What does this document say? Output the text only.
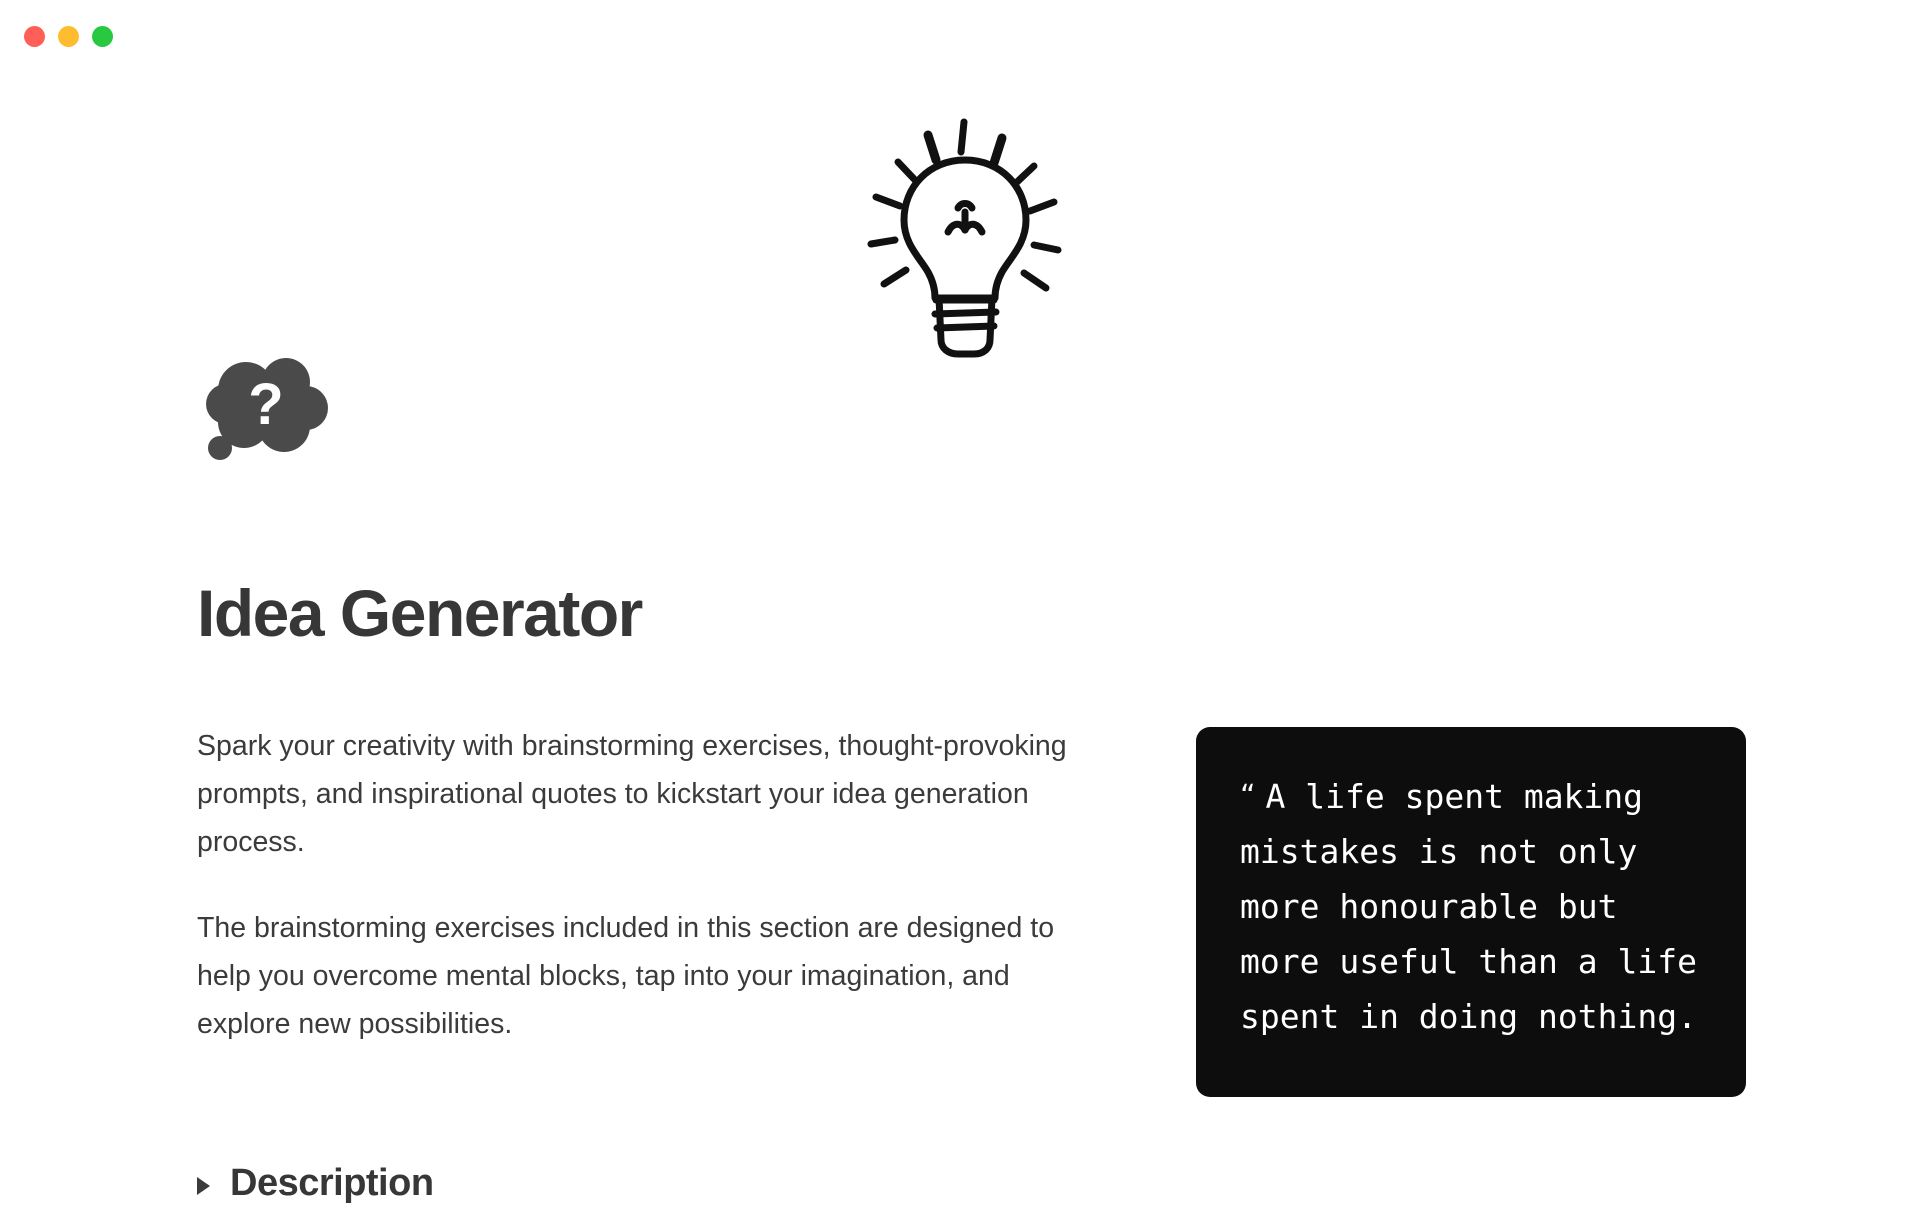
?
Idea Generator

Spark your creativity with brainstorming exercises, thought-provoking prompts, and inspirational quotes to kickstart your idea generation process.

The brainstorming exercises included in this section are designed to help you overcome mental blocks, tap into your imagination, and explore new possibilities.

Description

“ A life spent making mistakes is not only more honourable but more useful than a life spent in doing nothing.
